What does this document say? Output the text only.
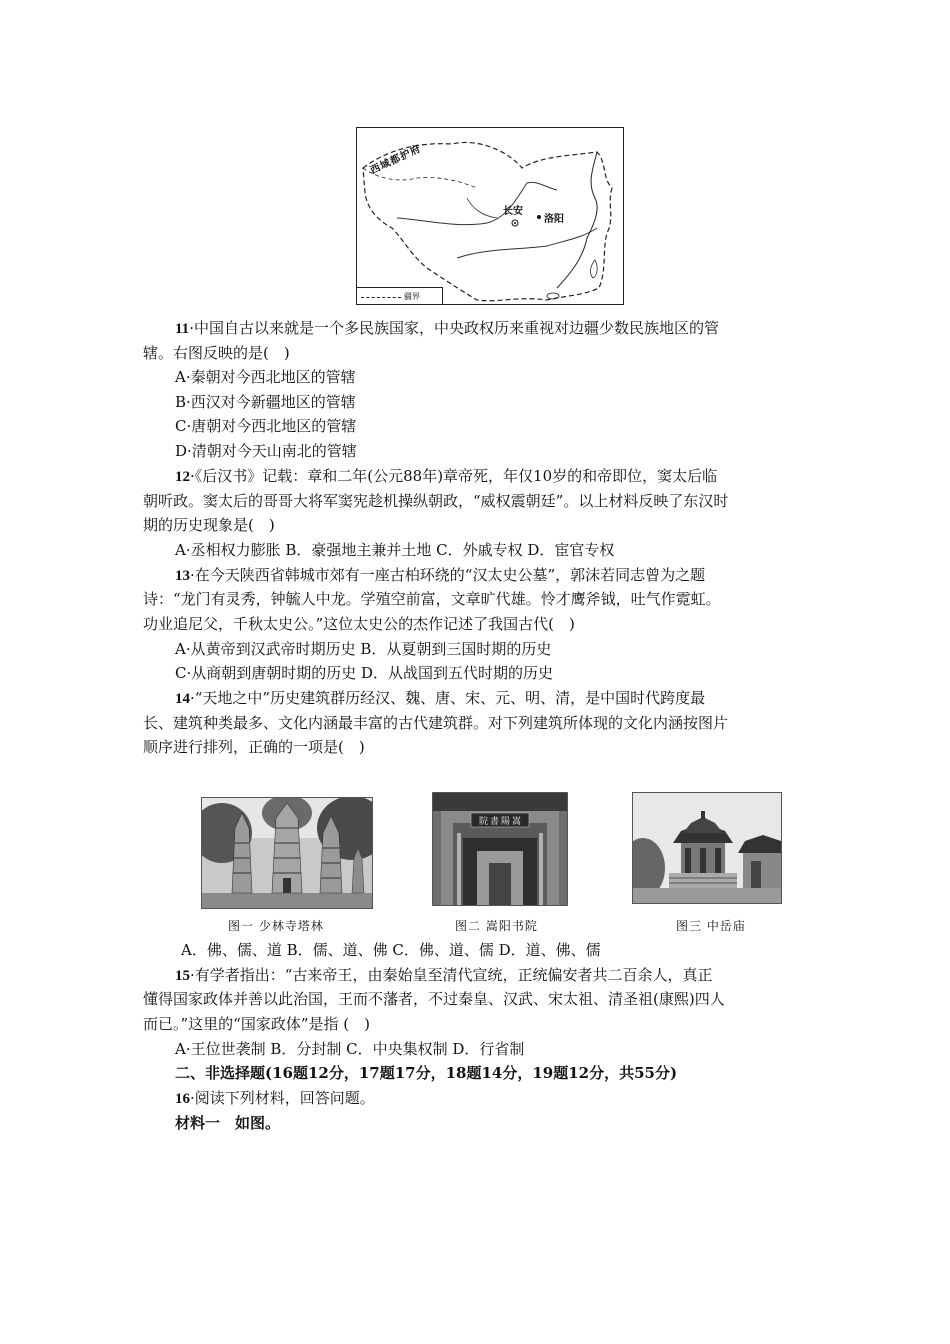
西域都护府
长安
洛阳
疆界
11·中国自古以来就是一个多民族国家，中央政权历来重视对边疆少数民族地区的管
辖。右图反映的是(　)
A·秦朝对今西北地区的管辖
B·西汉对今新疆地区的管辖
C·唐朝对今西北地区的管辖
D·清朝对今天山南北的管辖
12·《后汉书》记载：章和二年(公元88年)章帝死，年仅10岁的和帝即位，窦太后临
朝听政。窦太后的哥哥大将军窦宪趁机操纵朝政，“威权震朝廷”。以上材料反映了东汉时
期的历史现象是(　)
A·丞相权力膨胀 B．豪强地主兼并土地 C．外戚专权 D．宦官专权
13·在今天陕西省韩城市郊有一座古柏环绕的“汉太史公墓”，郭沫若同志曾为之题
诗：“龙门有灵秀，钟毓人中龙。学殖空前富，文章旷代雄。怜才鹰斧钺，吐气作霓虹。
功业追尼父，千秋太史公。”这位太史公的杰作记述了我国古代(　)
A·从黄帝到汉武帝时期历史 B．从夏朝到三国时期的历史
C·从商朝到唐朝时期的历史 D．从战国到五代时期的历史
14·“天地之中”历史建筑群历经汉、魏、唐、宋、元、明、清，是中国时代跨度最
长、建筑种类最多、文化内涵最丰富的古代建筑群。对下列建筑所体现的文化内涵按图片
顺序进行排列，正确的一项是(　)
院書陽嵩
图一 少林寺塔林	图二 嵩阳书院	图三 中岳庙
A．佛、儒、道 B．儒、道、佛 C．佛、道、儒 D．道、佛、儒
15·有学者指出：“古来帝王，由秦始皇至清代宣统，正统偏安者共二百余人，真正
懂得国家政体并善以此治国，王而不藩者，不过秦皇、汉武、宋太祖、清圣祖(康熙)四人
而已。”这里的“国家政体”是指 (　)
A·王位世袭制 B．分封制 C．中央集权制 D．行省制
二、非选择题(16题12分，17题17分，18题14分，19题12分，共55分)
16·阅读下列材料，回答问题。
材料一　如图。
